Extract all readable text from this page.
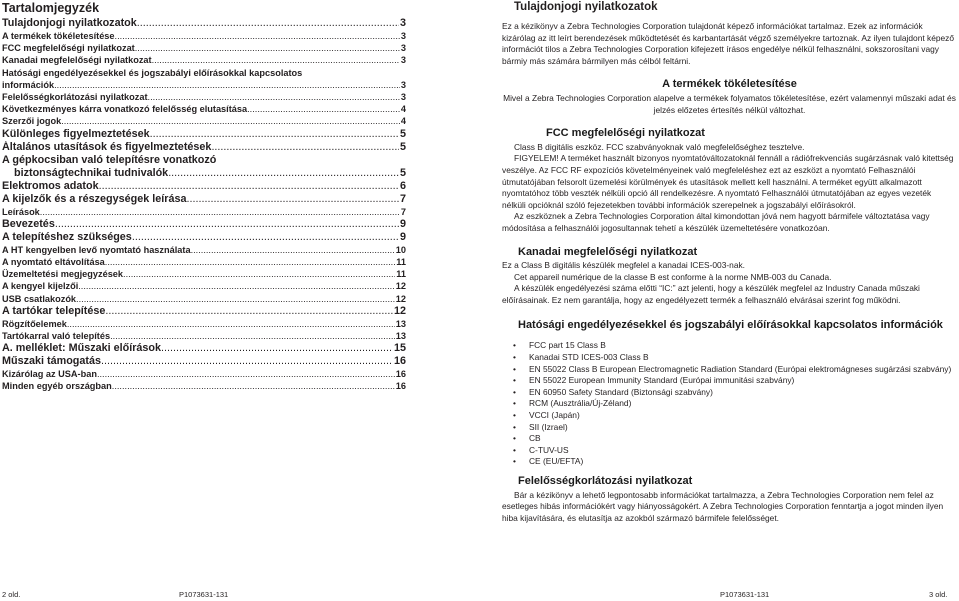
Tartalomjegyzék
Tulajdonjogi nyilatkozatok .....	3
A termékek tökéletesítése .....	3
FCC megfelelőségi nyilatkozat .....	3
Kanadai megfelelőségi nyilatkozat .....	3
Hatósági engedélyezésekkel és jogszabályi előírásokkal kapcsolatos
információk .....	3
Felelősségkorlátozási nyilatkozat .....	3
Következményes kárra vonatkozó felelősség elutasítása .....	4
Szerzői jogok .....	4
Különleges figyelmeztetések .....	5
Általános utasítások és figyelmeztetések .....	5
A gépkocsiban való telepítésre vonatkozó
biztonságtechnikai tudnivalók .....	5
Elektromos adatok .....	6
A kijelzők és a részegységek leírása .....	7
Leírások .....	7
Bevezetés .....	9
A telepítéshez szükséges .....	9
A HT kengyelben levő nyomtató használata .....	10
A nyomtató eltávolítása .....	11
Üzemeltetési megjegyzések .....	11
A kengyel kijelzői .....	12
USB csatlakozók .....	12
A tartókar telepítése .....	12
Rögzítőelemek .....	13
Tartókarral való telepítés .....	13
A. melléklet: Műszaki előírások .....	15
Műszaki támogatás .....	16
Kizárólag az USA-ban .....	16
Minden egyéb országban .....	16
Tulajdonjogi nyilatkozatok

Ez a kézikönyv a Zebra Technologies Corporation tulajdonát képező információkat tartalmaz. Ezek az információk kizárólag az itt leírt berendezések működtetését és karbantartását végző személyekre tartoznak. Az ilyen tulajdont képező információt tilos a Zebra Technologies Corporation kifejezett írásos engedélye nélkül felhasználni, sokszorosítani vagy bármiy más számára bármilyen más célból feltárni.

A termékek tökéletesítése

Mivel a Zebra Technologies Corporation alapelve a termékek folyamatos tökéletesítése, ezért valamennyi műszaki adat és jelzés előzetes értesítés nélkül változhat.

FCC megfelelőségi nyilatkozat

Class B digitális eszköz. FCC szabványoknak való megfelelőséghez tesztelve.

FIGYELEM! A terméket használt bizonyos nyomtatóváltozatoknál fennáll a rádiófrekvenciás sugárzásnak való kitettség veszélye. Az FCC RF expozíciós követelményeinek való megfeleléshez ezt az eszközt a nyomtató Felhasználói útmutatójában felsorolt üzemelési körülmények és utasítások mellett kell használni. A terméket együtt alkalmazott nyomtatóhoz több veszték nélküli opció áll rendelkezésre. A nyomtató Felhasználói útmutatójában az egyes vezeték nélküli opcióknál szóló fejezetekben további információk szerepelnek a jogszabályi előírásokról.

Az eszköznek a Zebra Technologies Corporation által kimondottan jóvá nem hagyott bármifele változtatása vagy módosítása a felhasználói jogosultannak tehetí a készülék üzemeltetésére vonatkozóan.

Kanadai megfelelőségi nyilatkozat

Ez a Class B digitális készülék megfelel a kanadai ICES-003-nak.

Cet appareil numérique de la classe B est conforme à la norme NMB-003 du Canada.

A készülék engedélyezési száma előtti “IC:” azt jelenti, hogy a készülék megfelel az Industry Canada műszaki előírásainak. Ez nem garantálja, hogy az engedélyezett termék a felhasználó elvárásai szerint fog működni.

Hatósági engedélyezésekkel és jogszabályi előírásokkal kapcsolatos információk
• FCC part 15 Class B
• Kanadai STD ICES-003 Class B
• EN 55022 Class B European Electromagnetic Radiation Standard (Európai elektromágneses sugárzási szabvány)
• EN 55022 European Immunity Standard (Európai immunitási szabvány)
• EN 60950 Safety Standard (Biztonsági szabvány)
• RCM (Ausztrália/Új-Zéland)
• VCCI (Japán)
• SII (Izrael)
• CB
• C-TUV-US
• CE (EU/EFTA)
Felelősségkorlátozási nyilatkozat

Bár a kézikönyv a lehető legpontosabb információkat tartalmazza, a Zebra Technologies Corporation nem felel az esetleges hibás információkért vagy hiányosságokért. A Zebra Technologies Corporation fenntartja a jogot minden ilyen hiba kijavítására, és elutasítja az azokból származó bármifele felelősséget.

2 old.	P1073631-131	P1073631-131	3 old.
